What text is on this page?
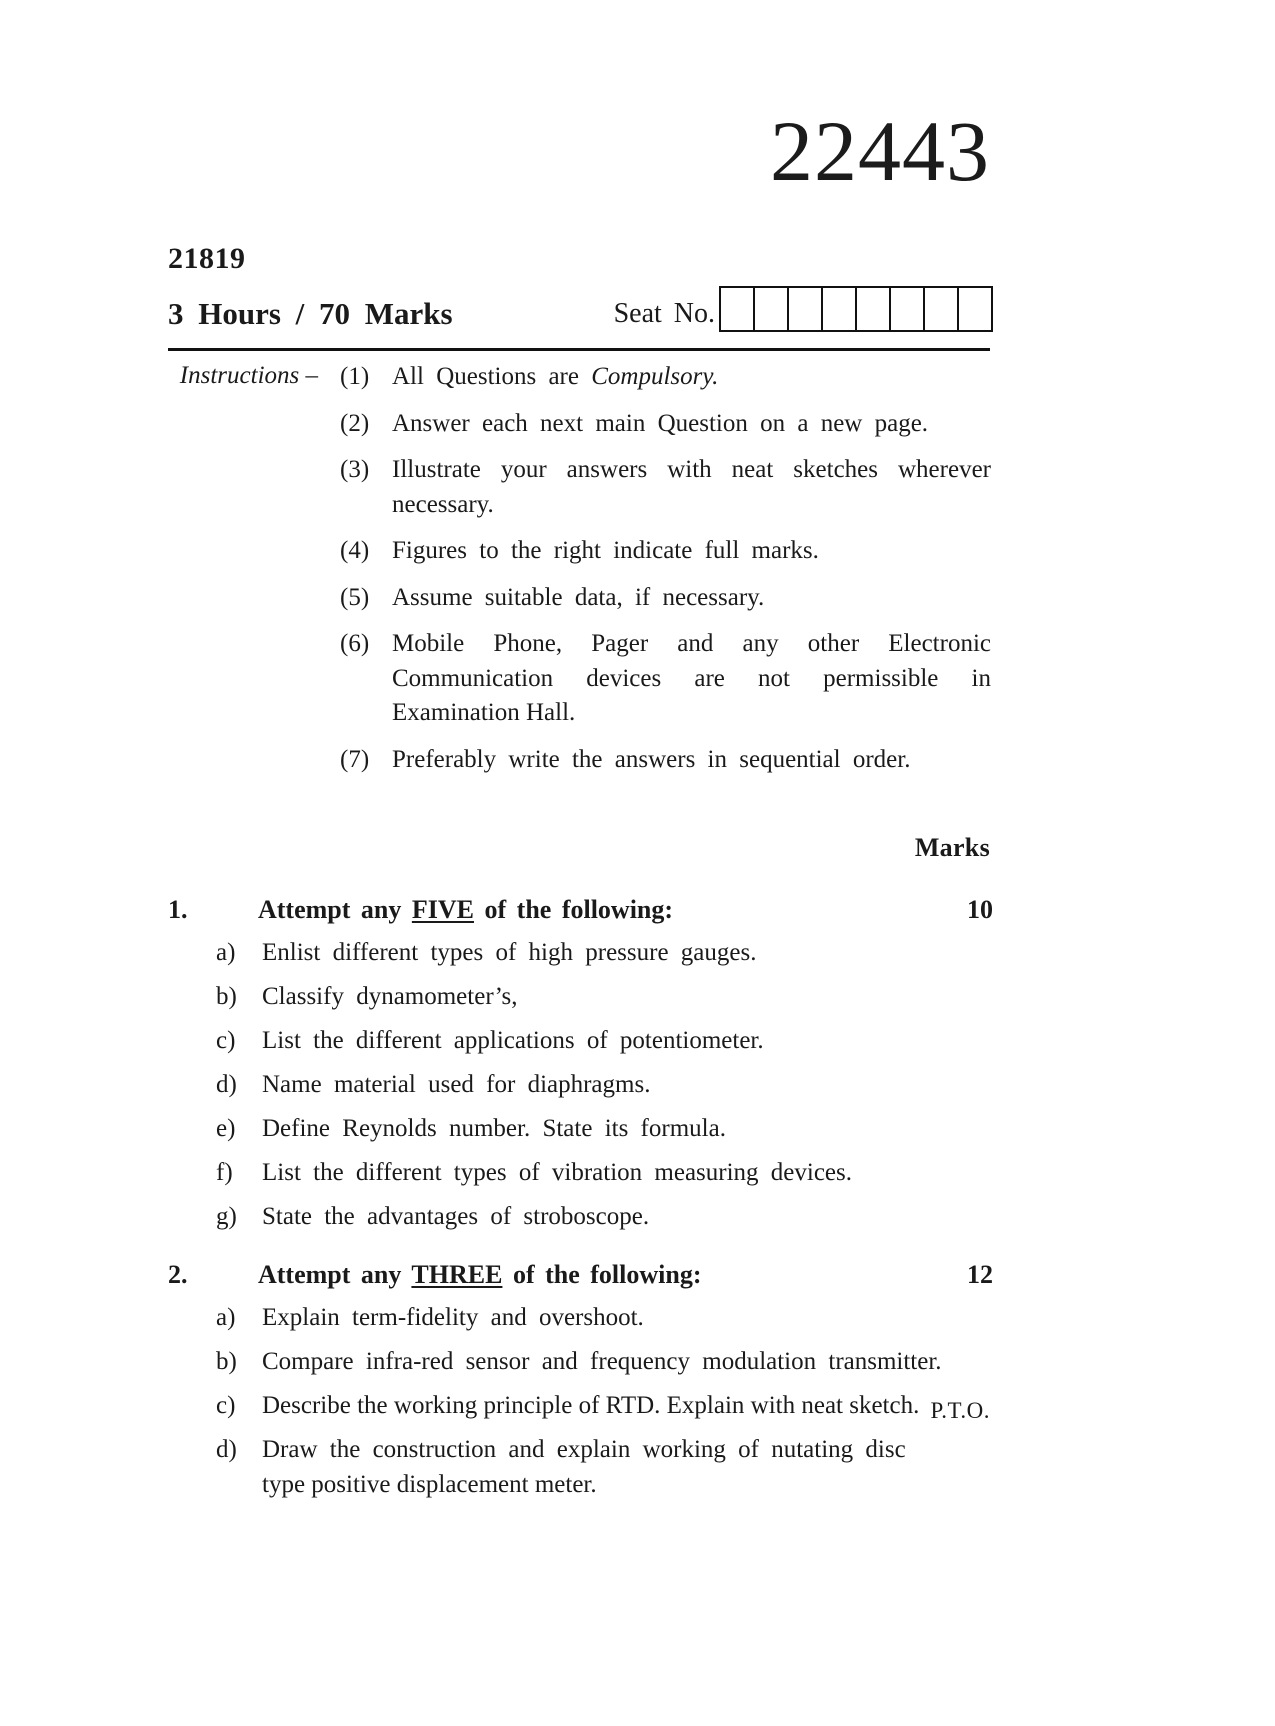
22443
21819
3 Hours / 70 Marks	Seat No.
Instructions – (1) All Questions are Compulsory.
(2) Answer each next main Question on a new page.
(3) Illustrate your answers with neat sketches wherever necessary.
(4) Figures to the right indicate full marks.
(5) Assume suitable data, if necessary.
(6) Mobile Phone, Pager and any other Electronic Communication devices are not permissible in Examination Hall.
(7) Preferably write the answers in sequential order.
Marks
1.	Attempt any FIVE of the following:	10
a)	Enlist different types of high pressure gauges.
b)	Classify dynamometer’s,
c)	List the different applications of potentiometer.
d)	Name material used for diaphragms.
e)	Define Reynolds number. State its formula.
f)	List the different types of vibration measuring devices.
g)	State the advantages of stroboscope.
2.	Attempt any THREE of the following:	12
a)	Explain term-fidelity and overshoot.
b)	Compare infra-red sensor and frequency modulation transmitter.
c)	Describe the working principle of RTD. Explain with neat sketch.
d)	Draw the construction and explain working of nutating disc
type positive displacement meter.
P.T.O.
